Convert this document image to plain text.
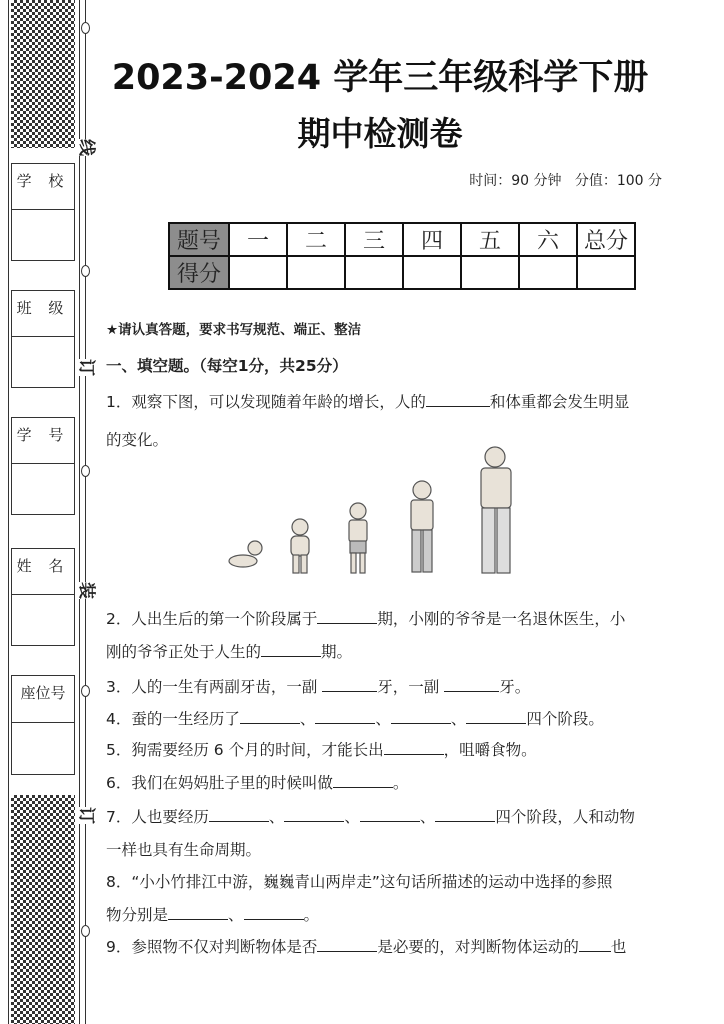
学 校
班 级
学 号
姓 名
座位号
线
订
装
订
2023-2024 学年三年级科学下册
期中检测卷
时间：90 分钟 分值：100 分
题号	一	二	三	四	五	六	总分
得分							
★请认真答题，要求书写规范、端正、整洁
一、填空题。（每空1分，共25分）
1．观察下图，可以发现随着年龄的增长，人的	和体重都会发生明显
的变化。
2．人出生后的第一个阶段属于	期，小刚的爷爷是一名退休医生，小
刚的爷爷正处于人生的	期。
3．人的一生有两副牙齿，一副	牙，一副	牙。
4．蚕的一生经历了	、	、	、	四个阶段。
5．狗需要经历 6 个月的时间，才能长出	，咀嚼食物。
6．我们在妈妈肚子里的时候叫做	。
7．人也要经历	、	、	、	四个阶段，人和动物
一样也具有生命周期。
8．“小小竹排江中游，巍巍青山两岸走”这句话所描述的运动中选择的参照
物分别是	、	。
9．参照物不仅对判断物体是否	是必要的，对判断物体运动的 也
